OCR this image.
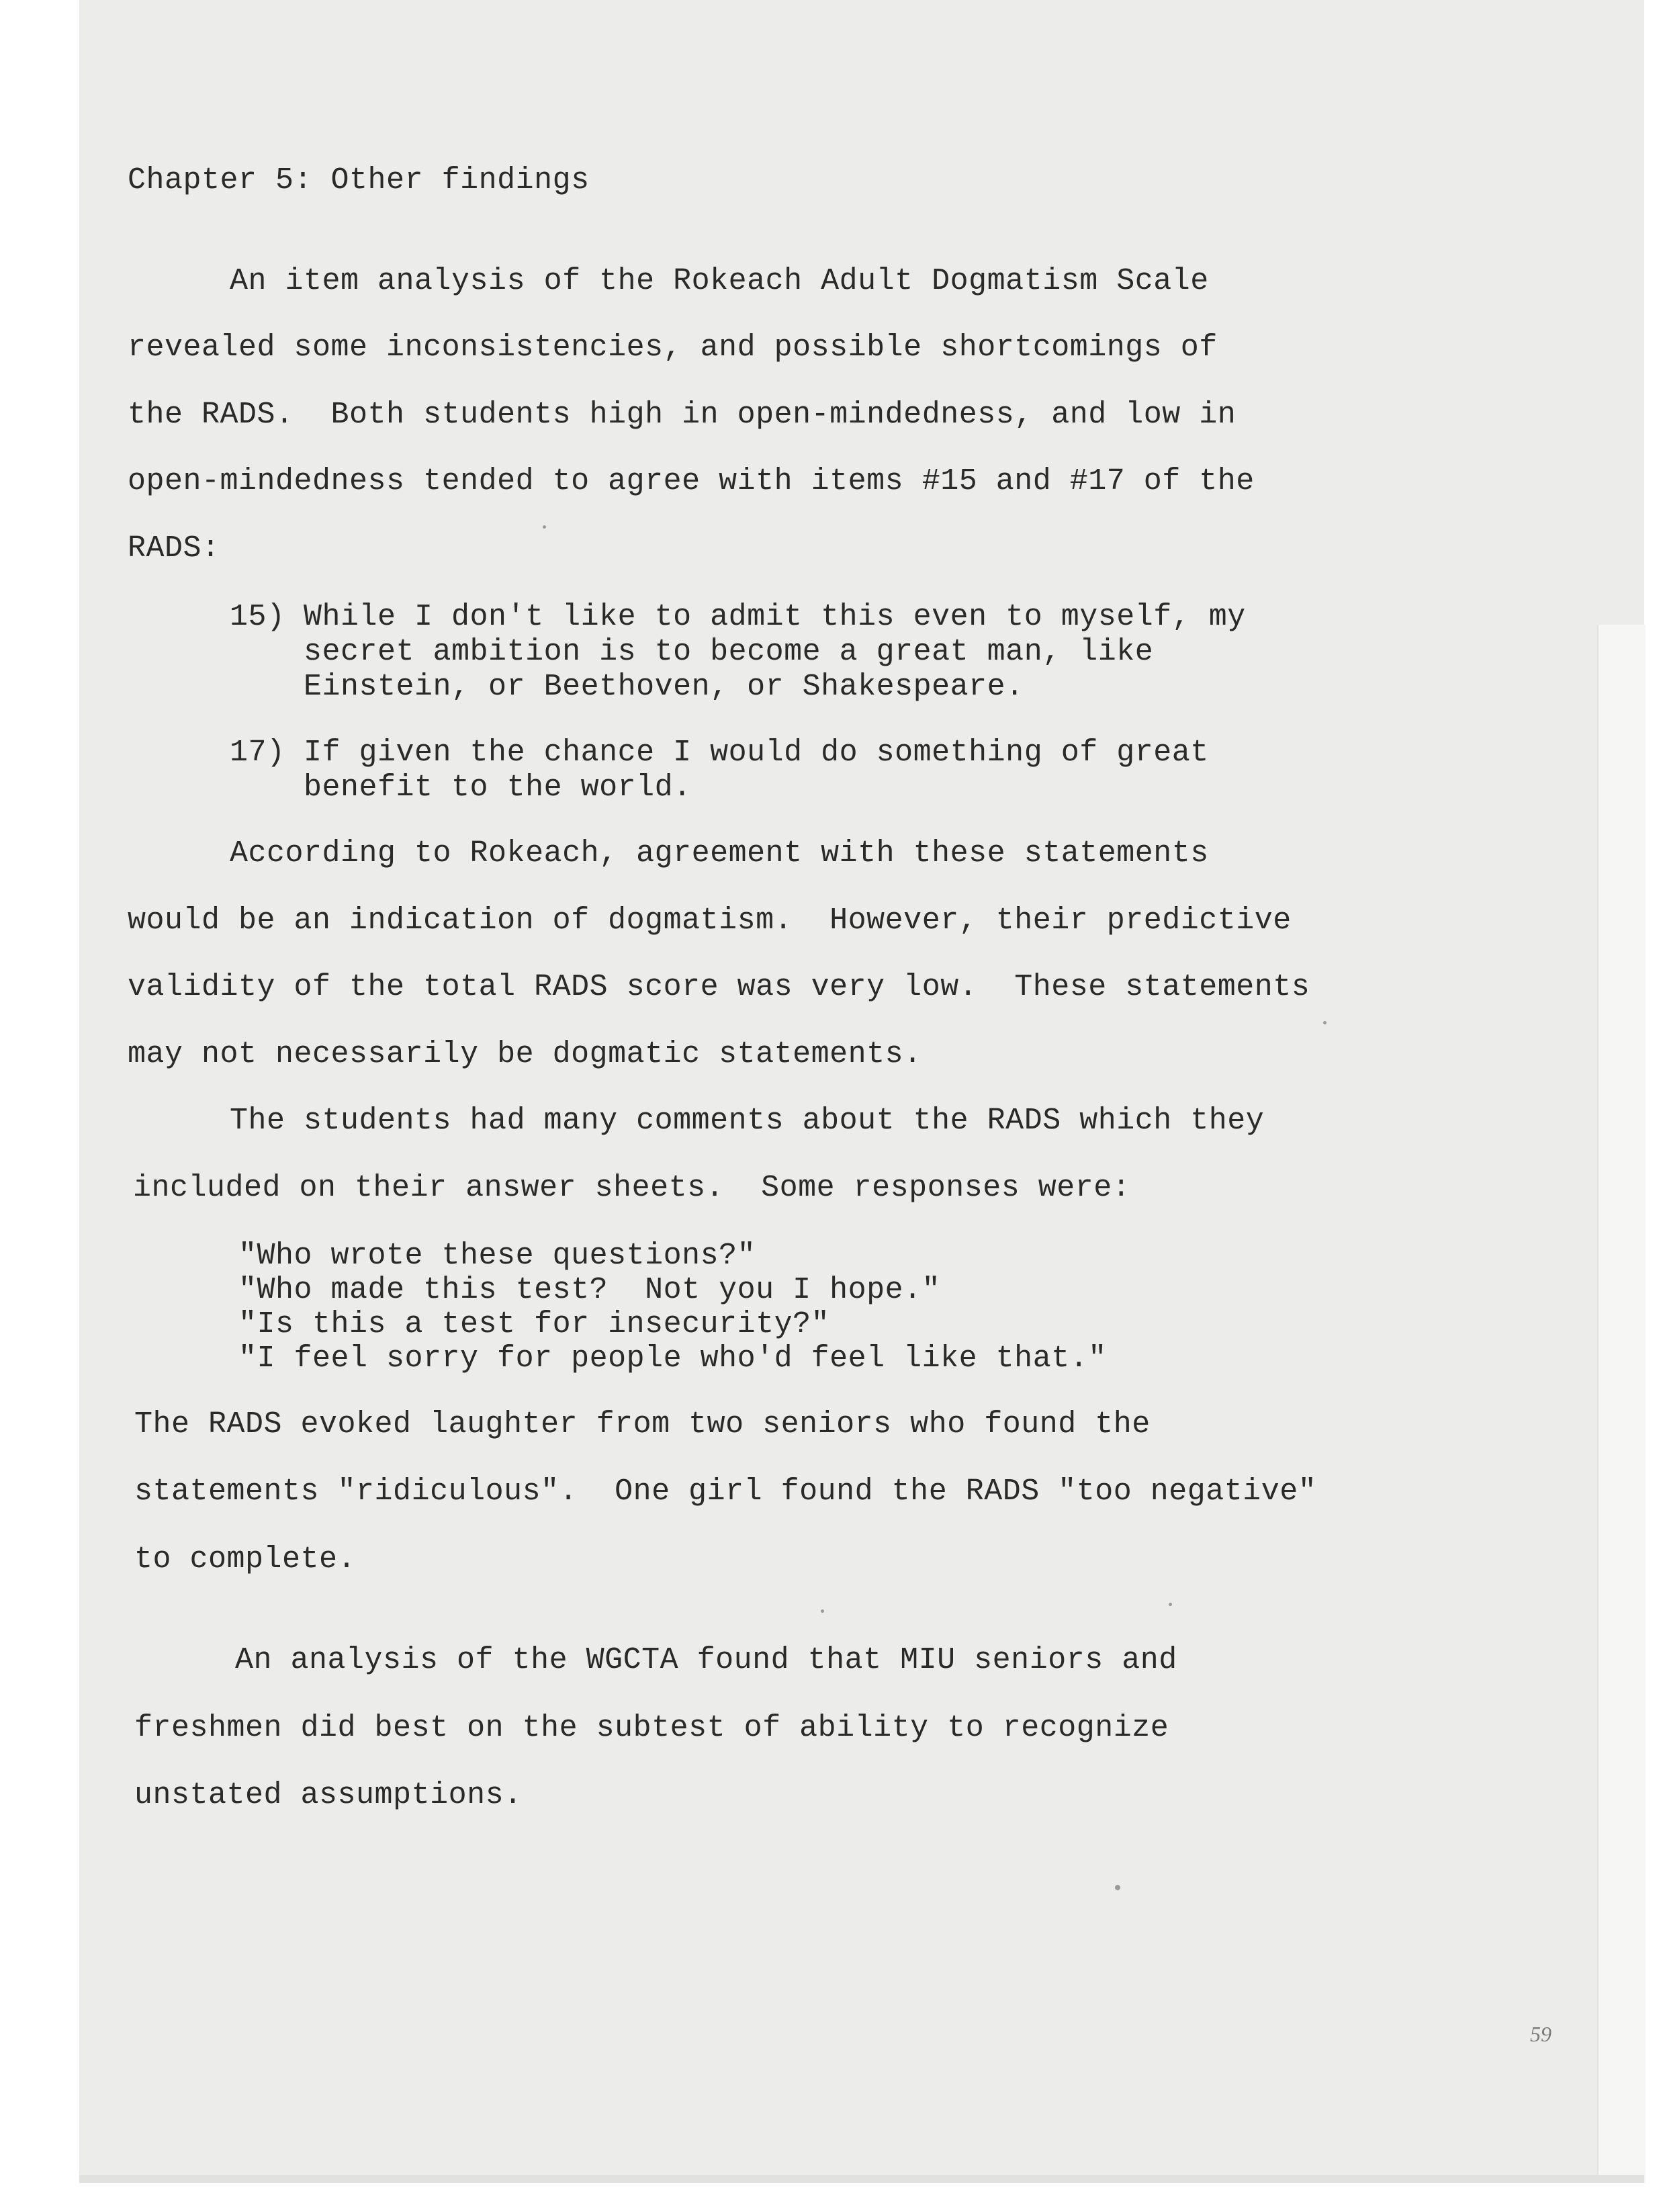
Chapter 5: Other findings
An item analysis of the Rokeach Adult Dogmatism Scale
revealed some inconsistencies, and possible shortcomings of
the RADS.  Both students high in open-mindedness, and low in
open-mindedness tended to agree with items #15 and #17 of the
RADS:
15) While I don't like to admit this even to myself, my
secret ambition is to become a great man, like
Einstein, or Beethoven, or Shakespeare.
17) If given the chance I would do something of great
benefit to the world.
According to Rokeach, agreement with these statements
would be an indication of dogmatism.  However, their predictive
validity of the total RADS score was very low.  These statements
may not necessarily be dogmatic statements.
The students had many comments about the RADS which they
included on their answer sheets.  Some responses were:
"Who wrote these questions?"
"Who made this test?  Not you I hope."
"Is this a test for insecurity?"
"I feel sorry for people who'd feel like that."
The RADS evoked laughter from two seniors who found the
statements "ridiculous".  One girl found the RADS "too negative"
to complete.
An analysis of the WGCTA found that MIU seniors and
freshmen did best on the subtest of ability to recognize
unstated assumptions.
59
